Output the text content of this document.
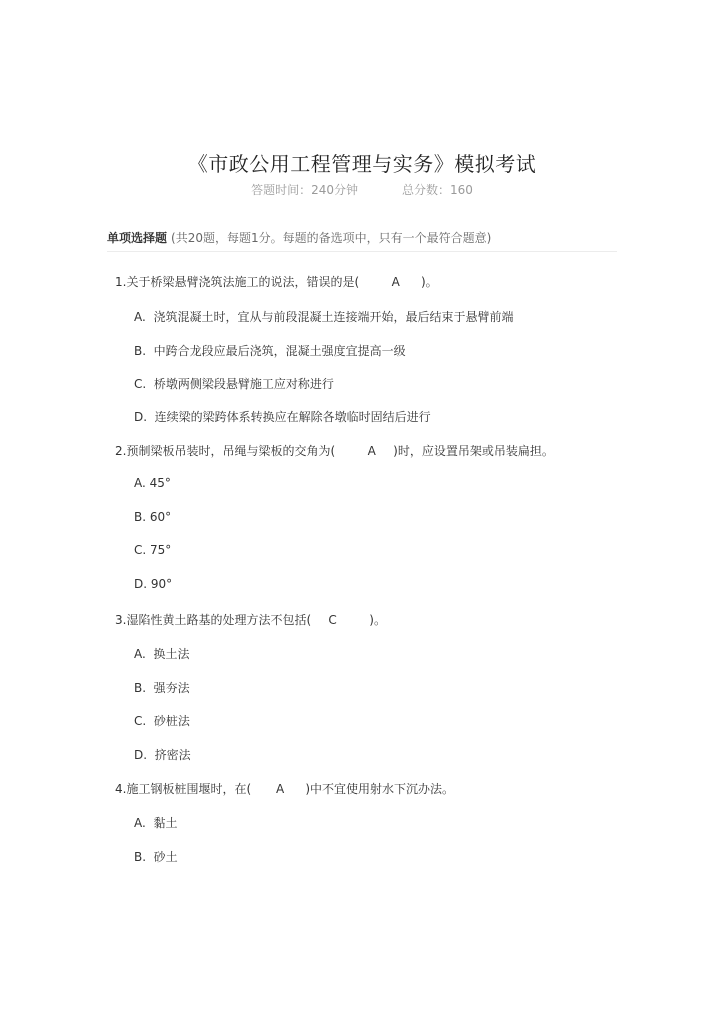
《市政公用工程管理与实务》模拟考试
答题时间：240分钟	总分数：160
单项选择题 (共20题，每题1分。每题的备选项中，只有一个最符合题意)
1.关于桥梁悬臂浇筑法施工的说法，错误的是(        A     )。
A.  浇筑混凝土时，宜从与前段混凝土连接端开始，最后结束于悬臂前端
B.  中跨合龙段应最后浇筑，混凝土强度宜提高一级
C.  桥墩两侧梁段悬臂施工应对称进行
D.  连续梁的梁跨体系转换应在解除各墩临时固结后进行
2.预制梁板吊装时，吊绳与梁板的交角为(        A    )时，应设置吊架或吊装扁担。
A. 45°
B. 60°
C. 75°
D. 90°
3.湿陷性黄土路基的处理方法不包括(    C        )。
A.  换土法
B.  强夯法
C.  砂桩法
D.  挤密法
4.施工钢板桩围堰时，在(      A     )中不宜使用射水下沉办法。
A.  黏土
B.  砂土
